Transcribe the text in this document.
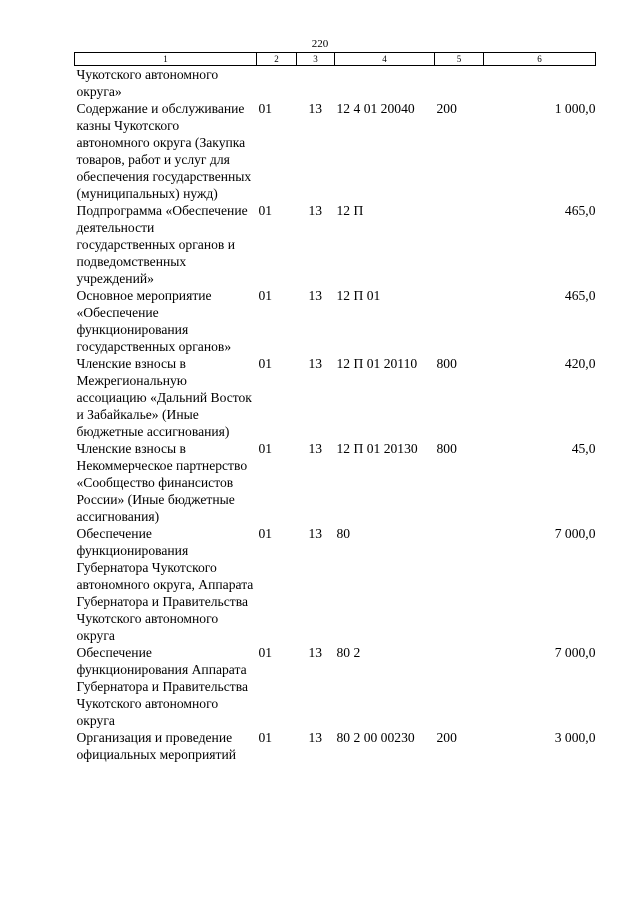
220
1	2	3	4	5	6
Чукотского автономного округа»					
Содержание и обслуживание казны Чукотского автономного округа (Закупка товаров, работ и услуг для обеспечения государственных (муниципальных) нужд)	01	13	12 4 01 20040	200	1 000,0
Подпрограмма «Обеспечение деятельности государственных органов и подведомственных учреждений»	01	13	12 П		465,0
Основное мероприятие «Обеспечение функционирования государственных органов»	01	13	12 П 01		465,0
Членские взносы в Межрегиональную ассоциацию «Дальний Восток и Забайкалье» (Иные бюджетные ассигнования)	01	13	12 П 01 20110	800	420,0
Членские взносы в Некоммерческое партнерство «Сообщество финансистов России» (Иные бюджетные ассигнования)	01	13	12 П 01 20130	800	45,0
Обеспечение функционирования Губернатора Чукотского автономного округа, Аппарата Губернатора и Правительства Чукотского автономного округа	01	13	80		7 000,0
Обеспечение функционирования Аппарата Губернатора и Правительства Чукотского автономного округа	01	13	80 2		7 000,0
Организация и проведение официальных мероприятий	01	13	80 2 00 00230	200	3 000,0
